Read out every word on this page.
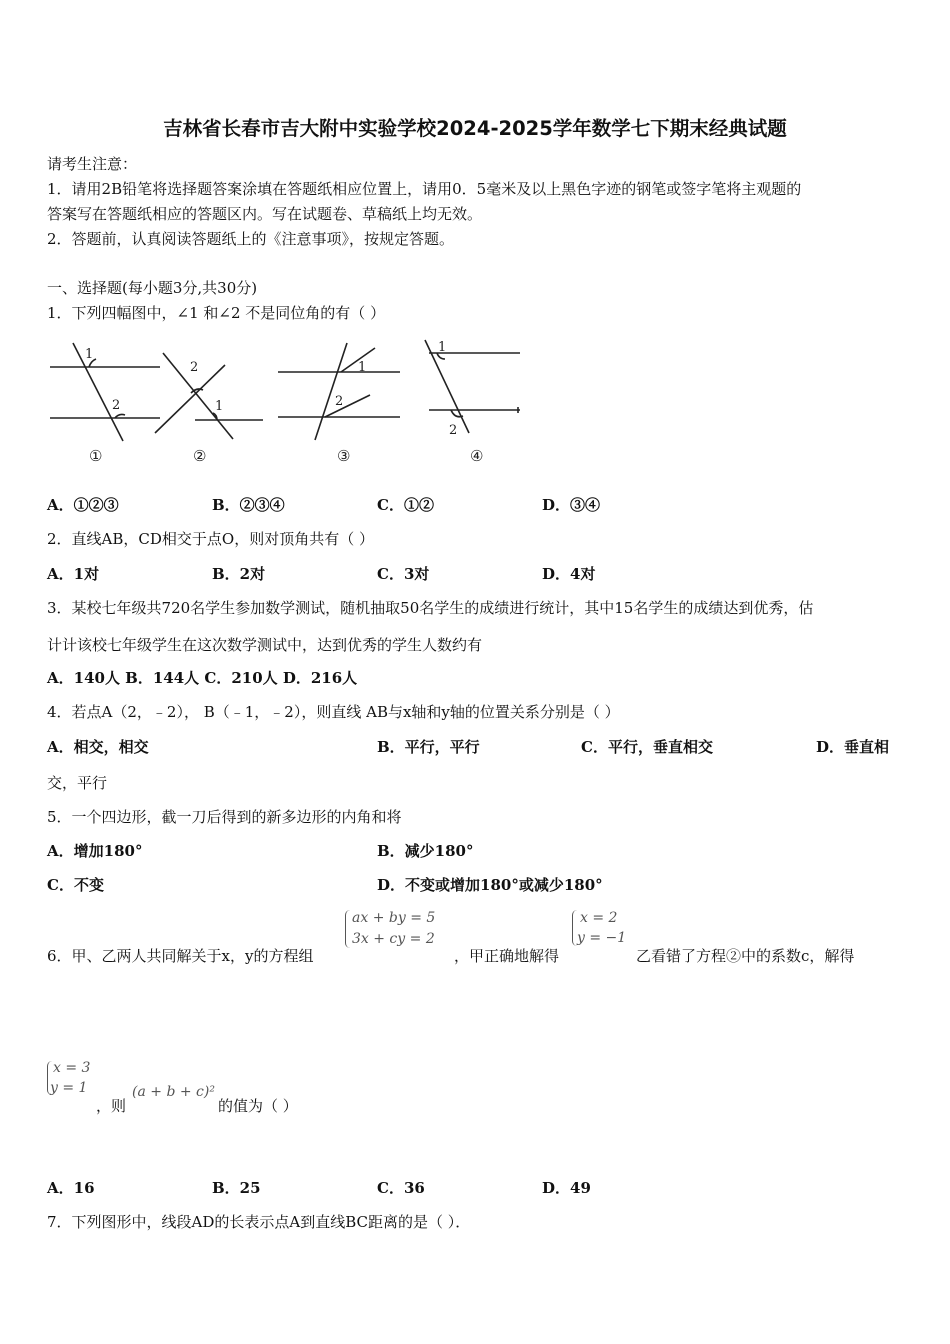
吉林省长春市吉大附中实验学校2024-2025学年数学七下期末经典试题
请考生注意：
1．请用2B铅笔将选择题答案涂填在答题纸相应位置上，请用0．5毫米及以上黑色字迹的钢笔或签字笔将主观题的
答案写在答题纸相应的答题区内。写在试题卷、草稿纸上均无效。
2．答题前，认真阅读答题纸上的《注意事项》，按规定答题。
一、选择题(每小题3分,共30分)
1．下列四幅图中，∠1 和∠2 不是同位角的有（ ）
1
2
2
1
1
2
1
2
①	②	③	④
A．①②③	B．②③④	C．①②	D．③④
2．直线AB，CD相交于点O，则对顶角共有（ ）
A．1对	B．2对	C．3对	D．4对
3．某校七年级共720名学生参加数学测试，随机抽取50名学生的成绩进行统计，其中15名学生的成绩达到优秀，估
计计该校七年级学生在这次数学测试中，达到优秀的学生人数约有
A．140人 B．144人 C．210人 D．216人
4．若点A（2，﹣2）， B（﹣1，﹣2），则直线 AB与x轴和y轴的位置关系分别是（ ）
A．相交，相交	B．平行，平行	C．平行，垂直相交	D．垂直相
交，平行
5．一个四边形，截一刀后得到的新多边形的内角和将
A．增加180°	B．减少180°
C．不变	D．不变或增加180°或减少180°
6．甲、乙两人共同解关于x，y的方程组
ax + by = 5
3x + cy = 2
，甲正确地解得
x = 2
y = −1
乙看错了方程②中的系数c，解得
x = 3
y = 1
，则
(a + b + c)²
的值为（ ）
A．16	B．25	C．36	D．49
7．下列图形中，线段AD的长表示点A到直线BC距离的是（ ）．
